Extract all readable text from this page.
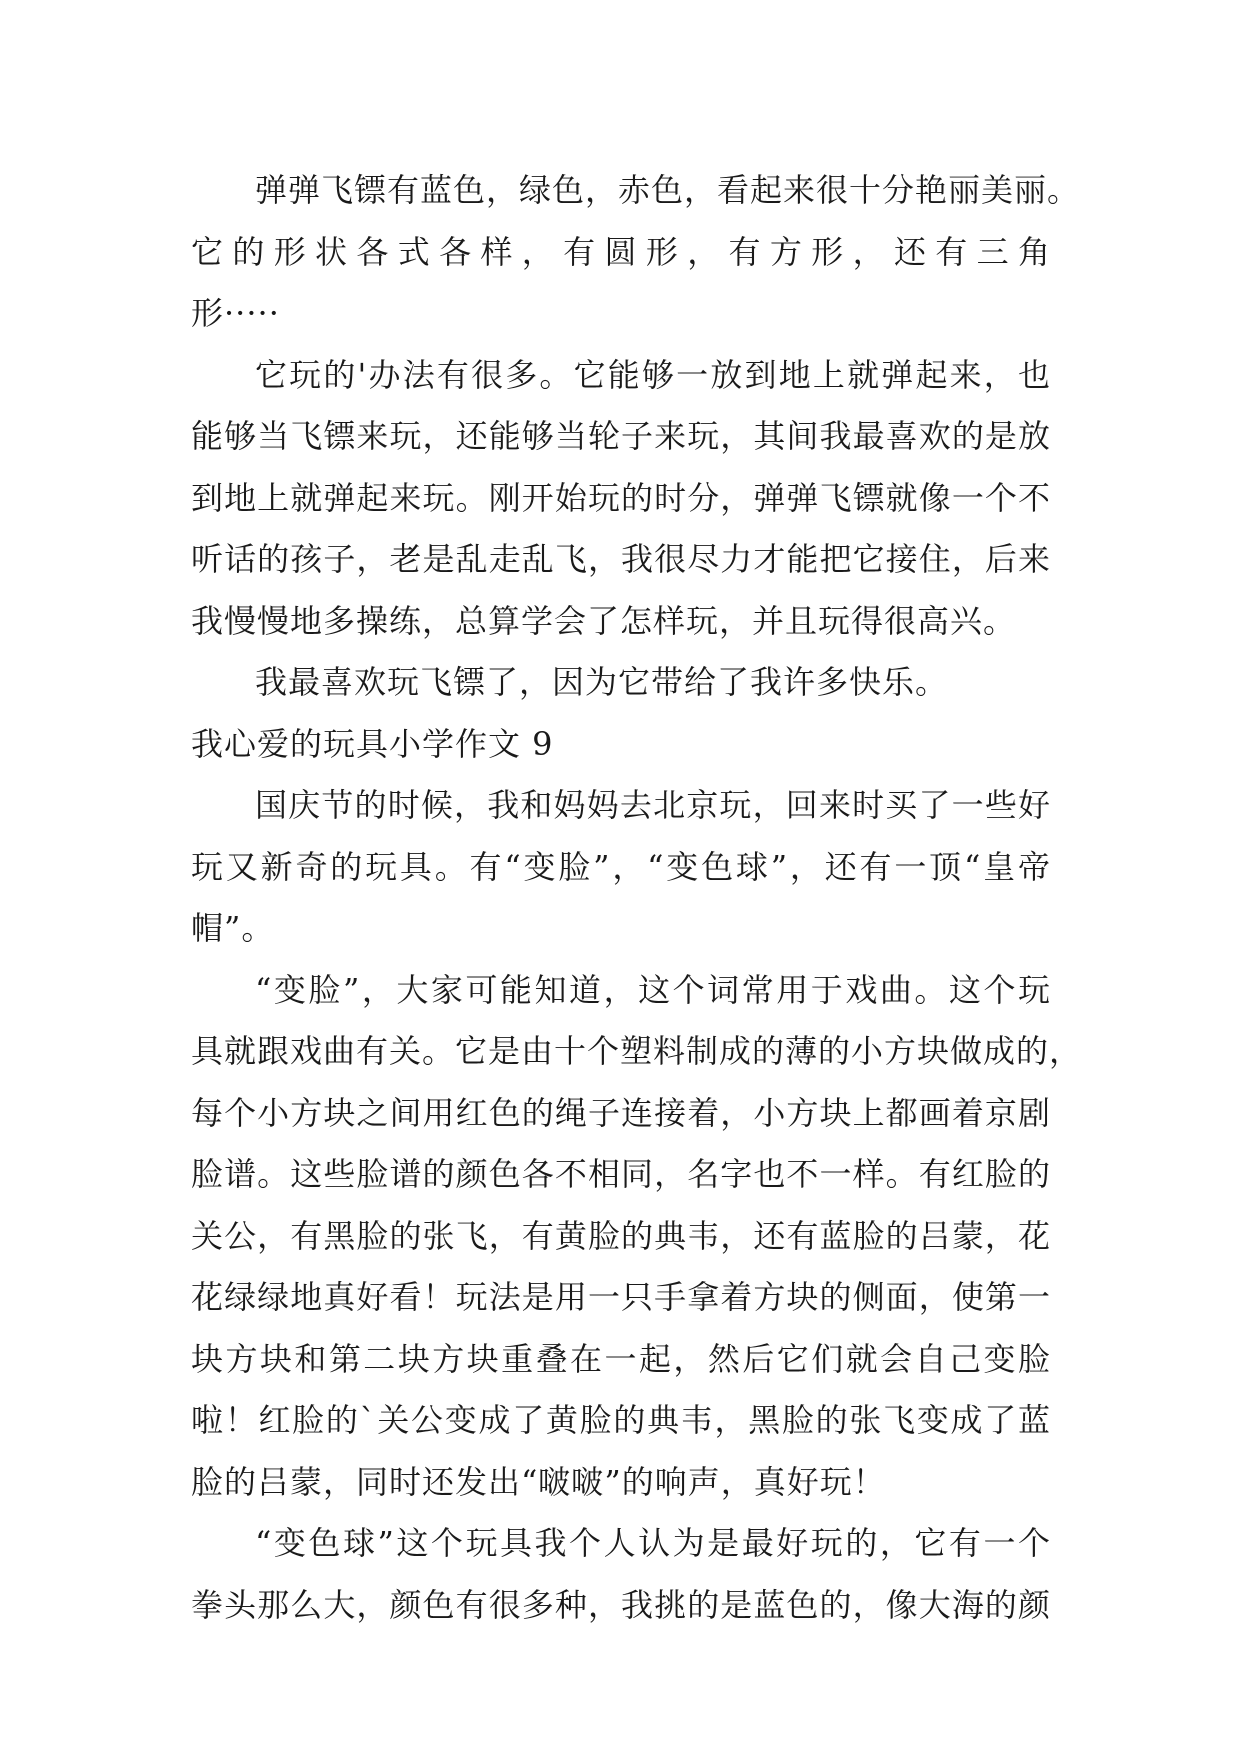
弹弹飞镖有蓝色，绿色，赤色，看起来很十分艳丽美丽。
它的形状各式各样，有圆形，有方形，还有三角
形·····
它玩的'办法有很多。它能够一放到地上就弹起来，也
能够当飞镖来玩，还能够当轮子来玩，其间我最喜欢的是放
到地上就弹起来玩。刚开始玩的时分，弹弹飞镖就像一个不
听话的孩子，老是乱走乱飞，我很尽力才能把它接住，后来
我慢慢地多操练，总算学会了怎样玩，并且玩得很高兴。
我最喜欢玩飞镖了，因为它带给了我许多快乐。
我心爱的玩具小学作文 9
国庆节的时候，我和妈妈去北京玩，回来时买了一些好
玩又新奇的玩具。有“变脸”，“变色球”，还有一顶“皇帝
帽”。
“变脸”，大家可能知道，这个词常用于戏曲。这个玩
具就跟戏曲有关。它是由十个塑料制成的薄的小方块做成的，
每个小方块之间用红色的绳子连接着，小方块上都画着京剧
脸谱。这些脸谱的颜色各不相同，名字也不一样。有红脸的
关公，有黑脸的张飞，有黄脸的典韦，还有蓝脸的吕蒙，花
花绿绿地真好看！玩法是用一只手拿着方块的侧面，使第一
块方块和第二块方块重叠在一起，然后它们就会自己变脸
啦！红脸的`关公变成了黄脸的典韦，黑脸的张飞变成了蓝
脸的吕蒙，同时还发出“啵啵”的响声，真好玩！
“变色球”这个玩具我个人认为是最好玩的，它有一个
拳头那么大，颜色有很多种，我挑的是蓝色的，像大海的颜
